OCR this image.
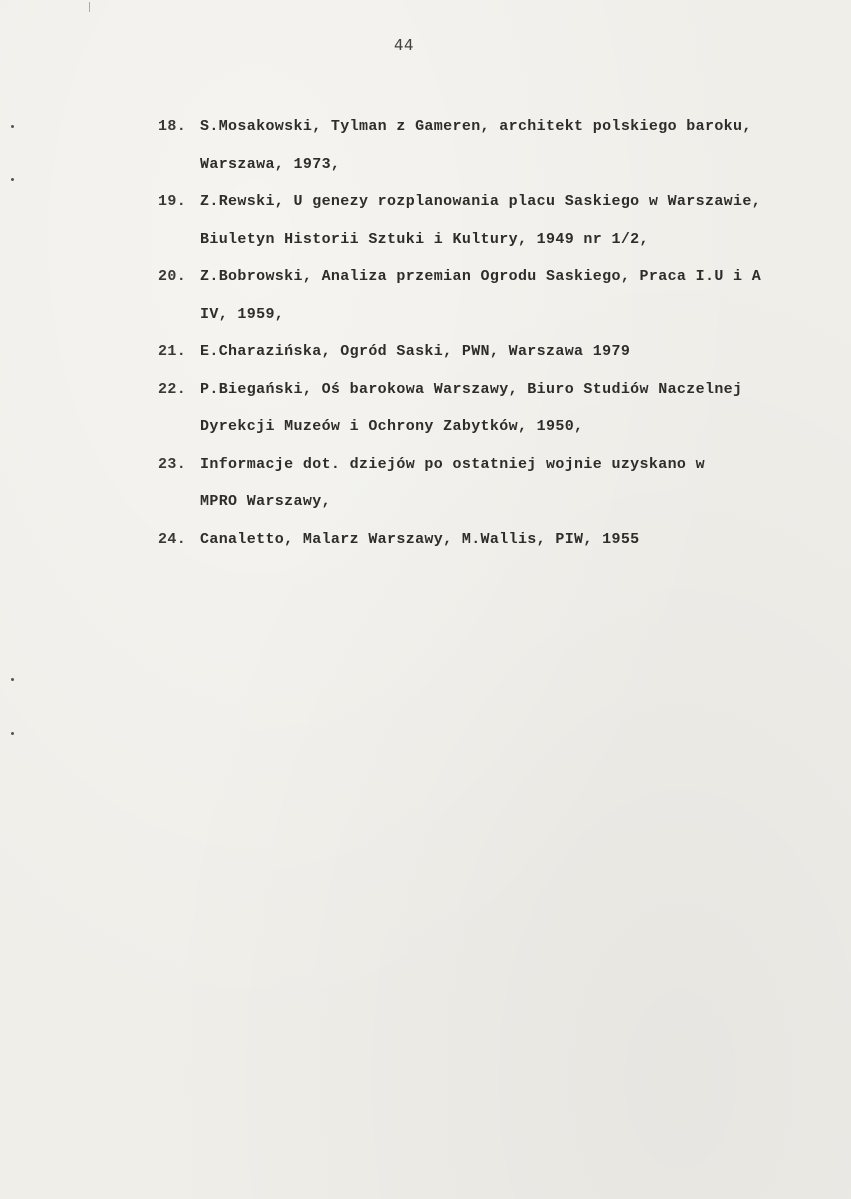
44
18. S.Mosakowski, Tylman z Gameren, architekt polskiego baroku,
Warszawa, 1973,
19. Z.Rewski, U genezy rozplanowania placu Saskiego w Warszawie,
Biuletyn Historii Sztuki i Kultury, 1949 nr 1/2,
20. Z.Bobrowski, Analiza przemian Ogrodu Saskiego, Praca I.U i A
IV, 1959,
21. E.Charazińska, Ogród Saski, PWN, Warszawa 1979
22. P.Biegański, Oś barokowa Warszawy, Biuro Studiów Naczelnej
Dyrekcji Muzeów i Ochrony Zabytków, 1950,
23. Informacje dot. dziejów po ostatniej wojnie uzyskano w
MPRO Warszawy,
24. Canaletto, Malarz Warszawy, M.Wallis, PIW, 1955
